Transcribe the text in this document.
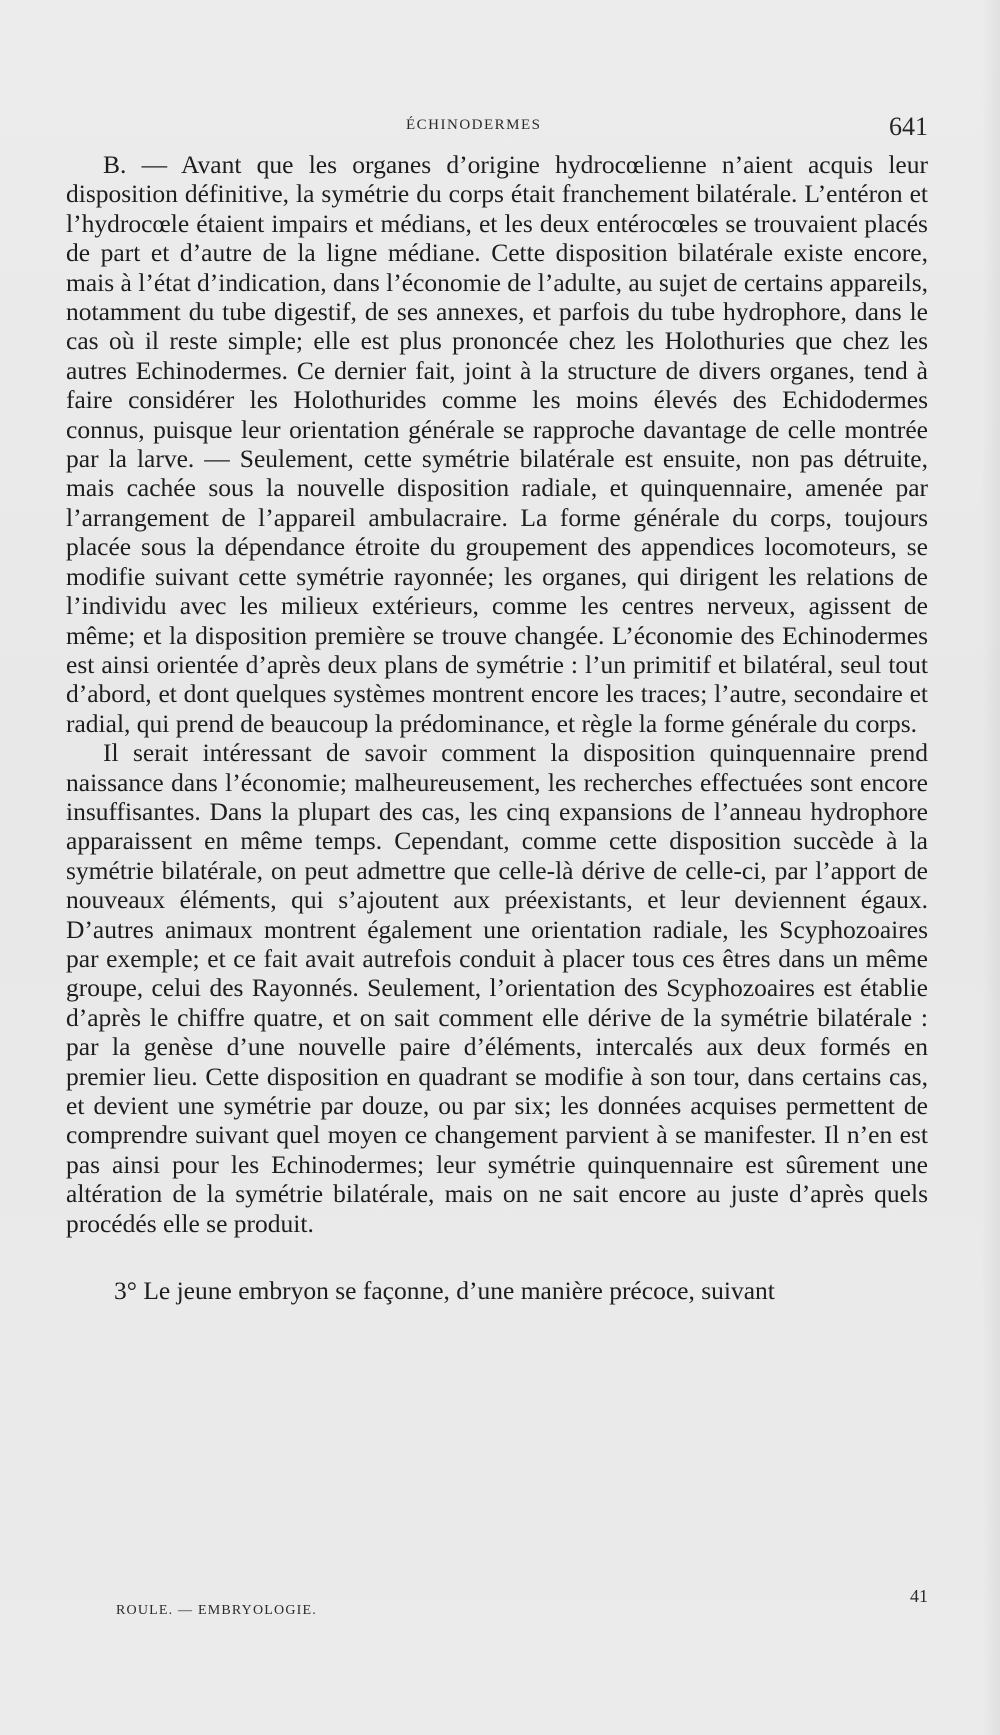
ÉCHINODERMES	641

B. — Avant que les organes d’origine hydrocœlienne n’aient acquis leur disposition définitive, la symétrie du corps était franchement bilatérale. L’entéron et l’hydrocœle étaient impairs et médians, et les deux entérocœles se trouvaient placés de part et d’autre de la ligne médiane. Cette disposition bilatérale existe encore, mais à l’état d’indication, dans l’économie de l’adulte, au sujet de certains appareils, notamment du tube digestif, de ses annexes, et parfois du tube hydrophore, dans le cas où il reste simple; elle est plus prononcée chez les Holothuries que chez les autres Echinodermes. Ce dernier fait, joint à la structure de divers organes, tend à faire considérer les Holothurides comme les moins élevés des Echidodermes connus, puisque leur orientation générale se rapproche davantage de celle montrée par la larve. — Seulement, cette symétrie bilatérale est ensuite, non pas détruite, mais cachée sous la nouvelle disposition radiale, et quinquennaire, amenée par l’arrangement de l’appareil ambulacraire. La forme générale du corps, toujours placée sous la dépendance étroite du groupement des appendices locomoteurs, se modifie suivant cette symétrie rayonnée; les organes, qui dirigent les relations de l’individu avec les milieux extérieurs, comme les centres nerveux, agissent de même; et la disposition première se trouve changée. L’économie des Echinodermes est ainsi orientée d’après deux plans de symétrie : l’un primitif et bilatéral, seul tout d’abord, et dont quelques systèmes montrent encore les traces; l’autre, secondaire et radial, qui prend de beaucoup la prédominance, et règle la forme générale du corps.

Il serait intéressant de savoir comment la disposition quinquennaire prend naissance dans l’économie; malheureusement, les recherches effectuées sont encore insuffisantes. Dans la plupart des cas, les cinq expansions de l’anneau hydrophore apparaissent en même temps. Cependant, comme cette disposition succède à la symétrie bilatérale, on peut admettre que celle-là dérive de celle-ci, par l’apport de nouveaux éléments, qui s’ajoutent aux préexistants, et leur deviennent égaux. D’autres animaux montrent également une orientation radiale, les Scyphozoaires par exemple; et ce fait avait autrefois conduit à placer tous ces êtres dans un même groupe, celui des Rayonnés. Seulement, l’orientation des Scyphozoaires est établie d’après le chiffre quatre, et on sait comment elle dérive de la symétrie bilatérale : par la genèse d’une nouvelle paire d’éléments, intercalés aux deux formés en premier lieu. Cette disposition en quadrant se modifie à son tour, dans certains cas, et devient une symétrie par douze, ou par six; les données acquises permettent de comprendre suivant quel moyen ce changement parvient à se manifester. Il n’en est pas ainsi pour les Echinodermes; leur symétrie quinquennaire est sûrement une altération de la symétrie bilatérale, mais on ne sait encore au juste d’après quels procédés elle se produit.

3° Le jeune embryon se façonne, d’une manière précoce, suivant

ROULE. — EMBRYOLOGIE.
41
